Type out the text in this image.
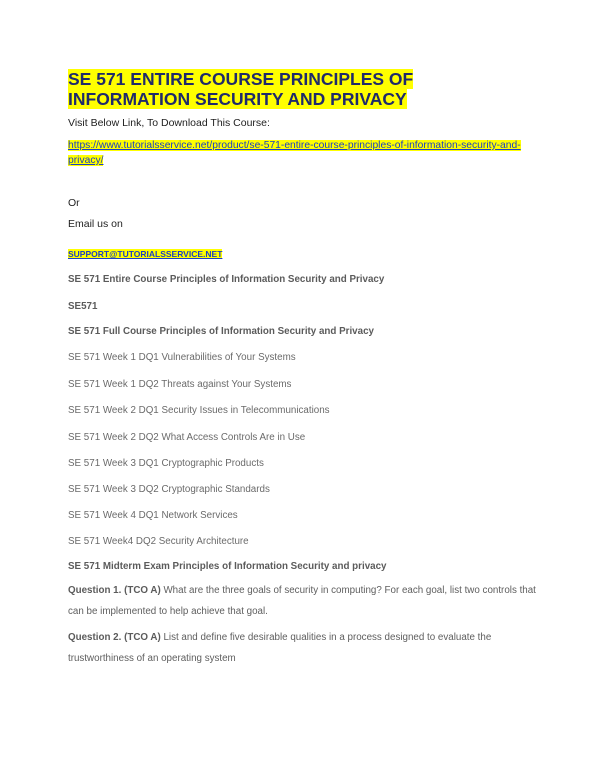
SE 571 ENTIRE COURSE PRINCIPLES OF INFORMATION SECURITY AND PRIVACY

Visit Below Link, To Download This Course:

https://www.tutorialsservice.net/product/se-571-entire-course-principles-of-information-security-and-privacy/

Or

Email us on

SUPPORT@TUTORIALSSERVICE.NET

SE 571 Entire Course Principles of Information Security and Privacy

SE571

SE 571 Full Course Principles of Information Security and Privacy

SE 571 Week 1 DQ1 Vulnerabilities of Your Systems

SE 571 Week 1 DQ2 Threats against Your Systems

SE 571 Week 2 DQ1 Security Issues in Telecommunications

SE 571 Week 2 DQ2 What Access Controls Are in Use

SE 571 Week 3 DQ1 Cryptographic Products

SE 571 Week 3 DQ2 Cryptographic Standards

SE 571 Week 4 DQ1 Network Services

SE 571 Week4 DQ2 Security Architecture

SE 571 Midterm Exam Principles of Information Security and privacy

Question 1. (TCO A) What are the three goals of security in computing? For each goal, list two controls that can be implemented to help achieve that goal.

Question 2. (TCO A) List and define five desirable qualities in a process designed to evaluate the trustworthiness of an operating system
